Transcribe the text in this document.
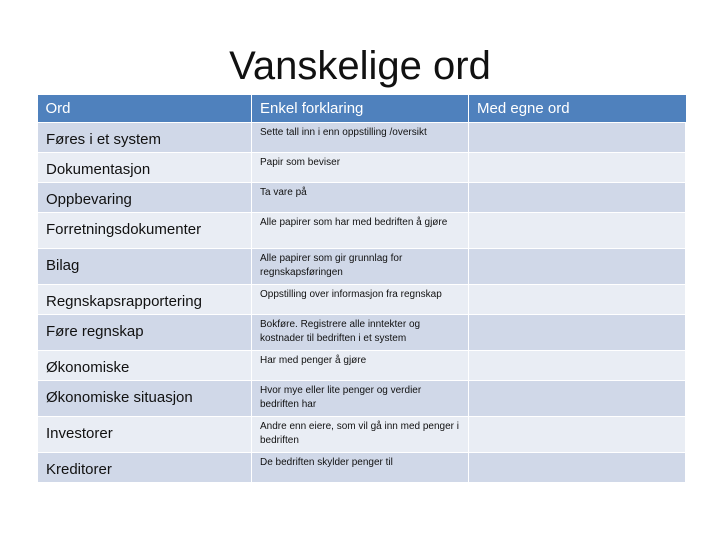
Vanskelige ord
Ord	Enkel forklaring	Med egne ord
Føres i et system	Sette tall inn i enn oppstilling /oversikt	
Dokumentasjon	Papir som beviser	
Oppbevaring	Ta vare på	
Forretningsdokumenter	Alle papirer som har med bedriften å gjøre	
Bilag	Alle papirer som gir grunnlag for regnskapsføringen	
Regnskapsrapportering	Oppstilling over informasjon fra regnskap	
Føre regnskap	Bokføre. Registrere alle inntekter og kostnader til bedriften i et system	
Økonomiske	Har med penger å gjøre	
Økonomiske situasjon	Hvor mye eller lite penger og verdier bedriften har	
Investorer	Andre enn eiere, som vil gå inn med penger i bedriften	
Kreditorer	De bedriften skylder penger til	
